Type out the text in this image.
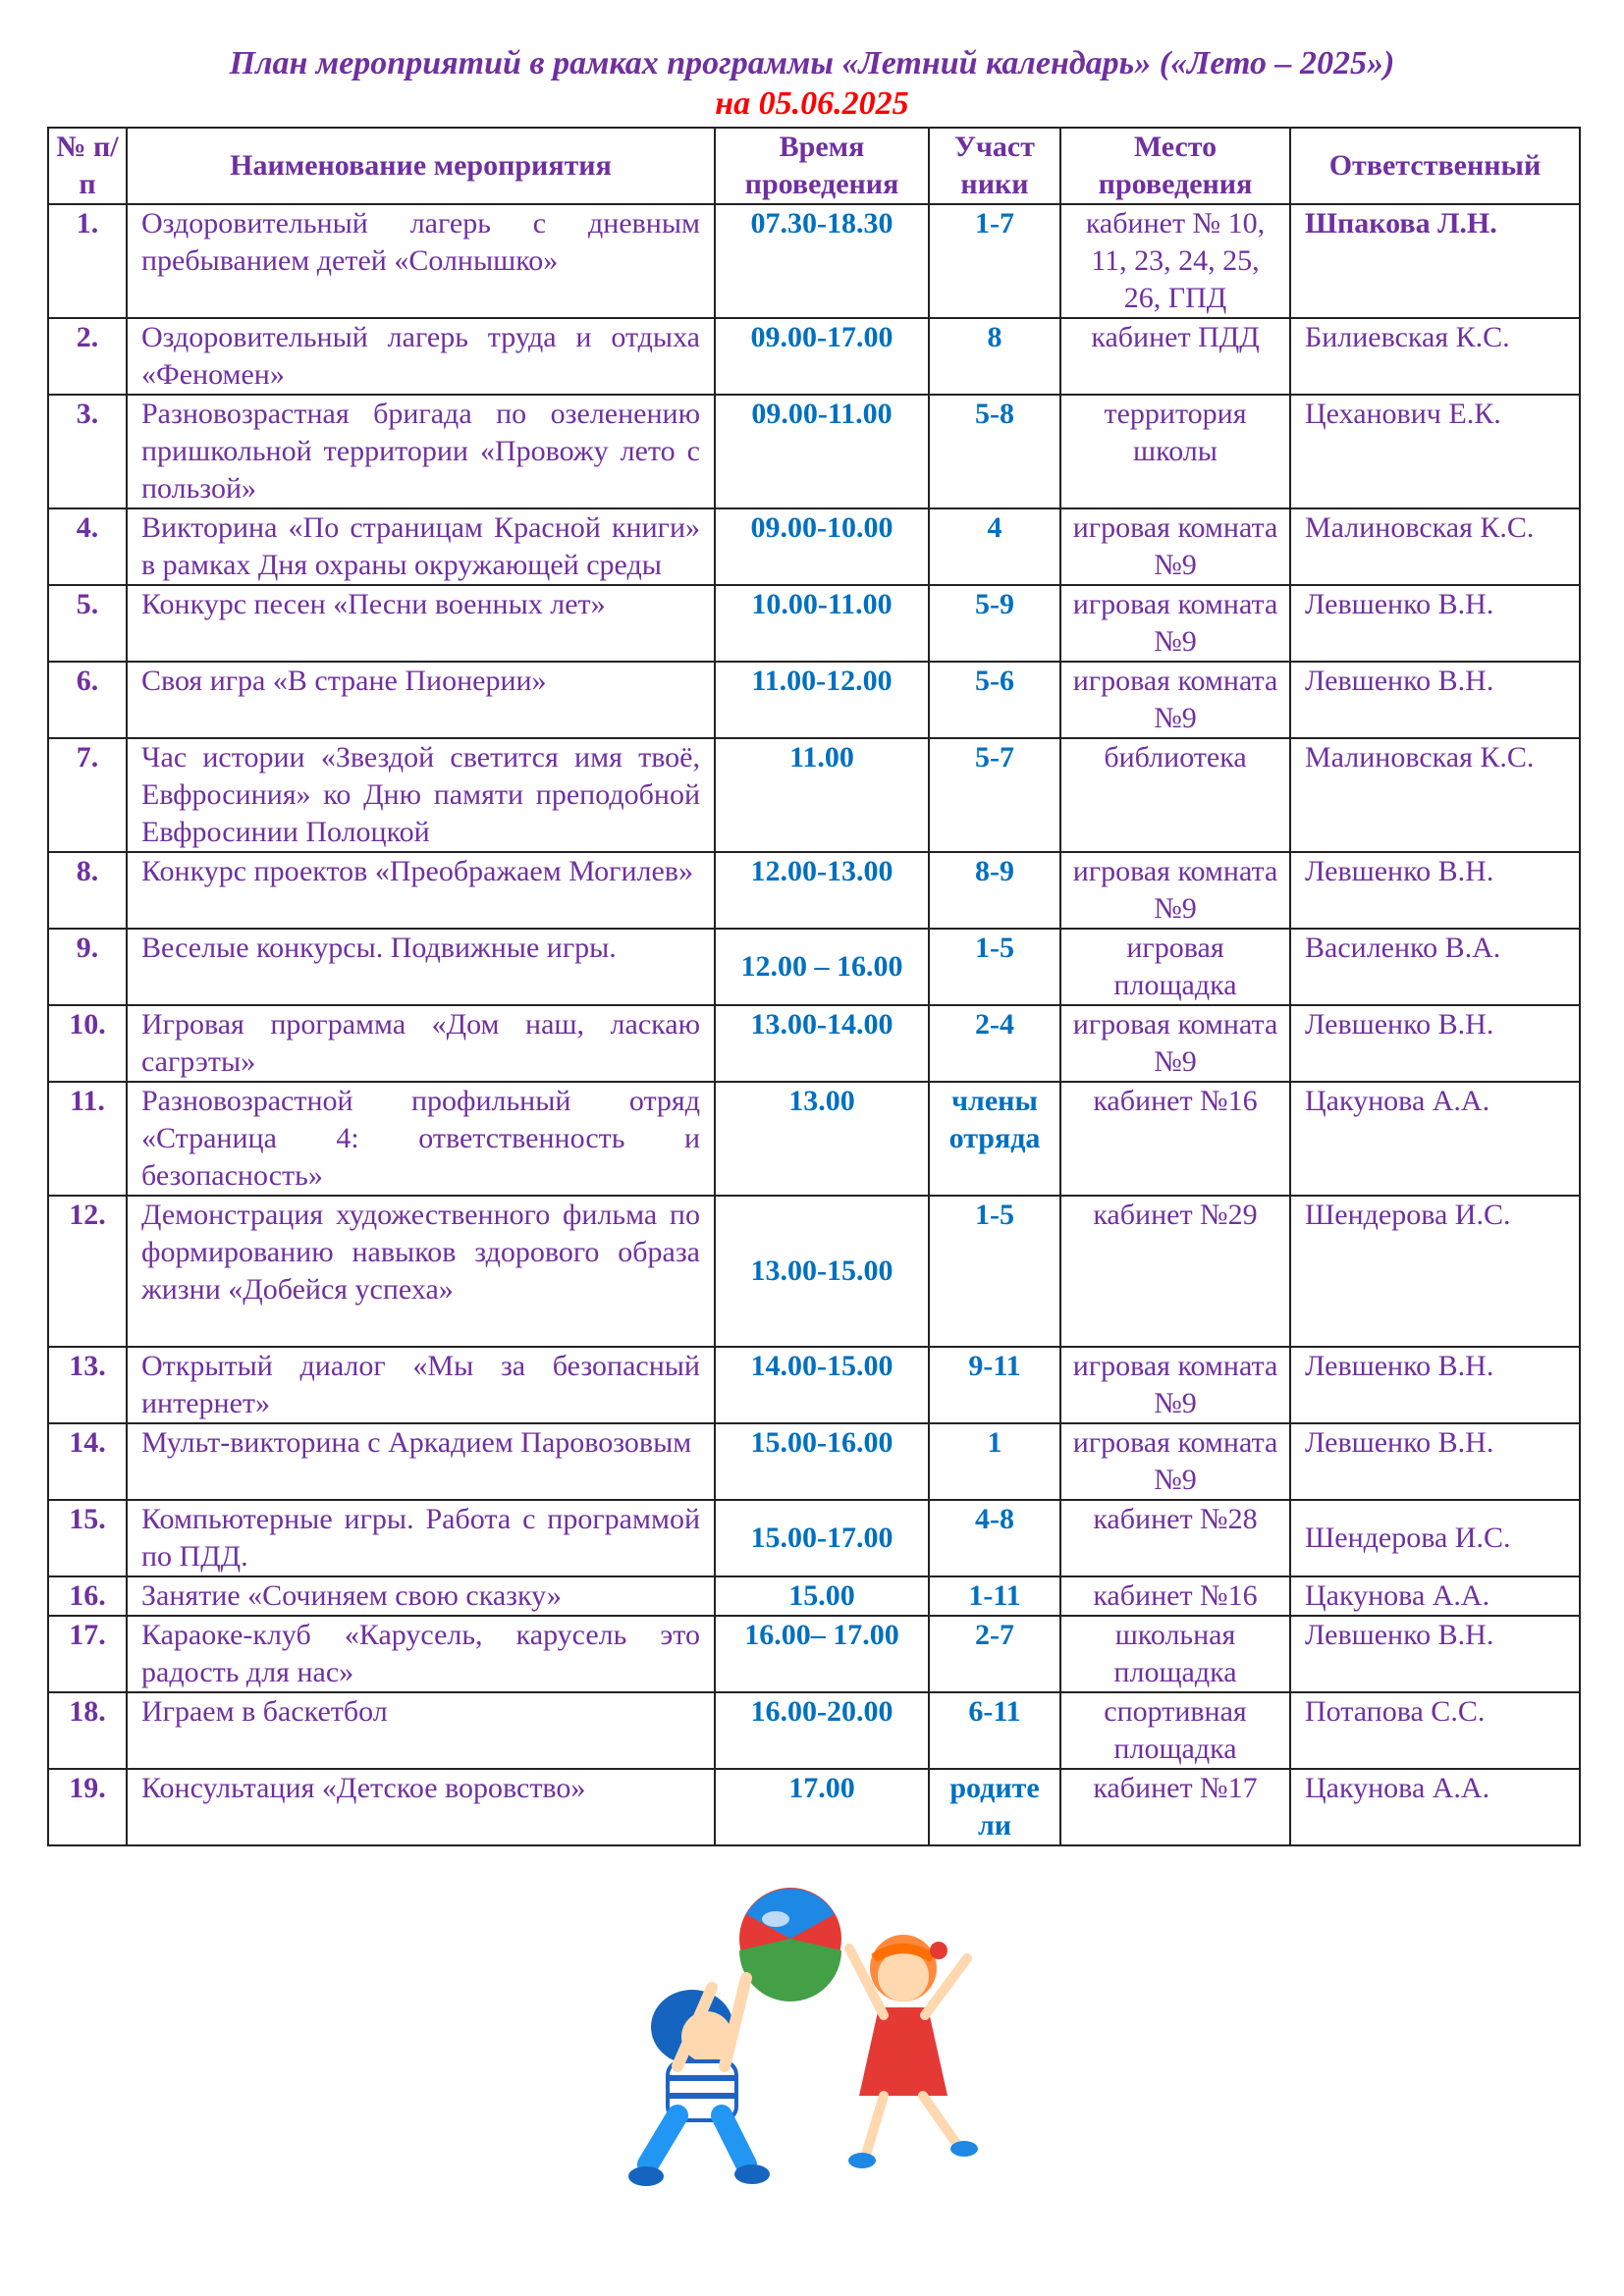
План мероприятий в рамках программы «Летний календарь» («Лето – 2025»)
на 05.06.2025
№ п/п	Наименование мероприятия	Время проведения	Участ ники	Место проведения	Ответственный
1.	Оздоровительный лагерь с дневным пребыванием детей «Солнышко»	07.30-18.30	1-7	кабинет № 10, 11, 23, 24, 25, 26, ГПД	Шпакова Л.Н.
2.	Оздоровительный лагерь труда и отдыха «Феномен»	09.00-17.00	8	кабинет ПДД	Билиевская К.С.
3.	Разновозрастная бригада по озеленению пришкольной территории «Провожу лето с пользой»	09.00-11.00	5-8	территория школы	Цеханович Е.К.
4.	Викторина «По страницам Красной книги» в рамках Дня охраны окружающей среды	09.00-10.00	4	игровая комната №9	Малиновская К.С.
5.	Конкурс песен «Песни военных лет»	10.00-11.00	5-9	игровая комната №9	Левшенко В.Н.
6.	Своя игра «В стране Пионерии»	11.00-12.00	5-6	игровая комната №9	Левшенко В.Н.
7.	Час истории «Звездой светится имя твоё, Евфросиния» ко Дню памяти преподобной Евфросинии Полоцкой	11.00	5-7	библиотека	Малиновская К.С.
8.	Конкурс проектов «Преображаем Могилев»	12.00-13.00	8-9	игровая комната №9	Левшенко В.Н.
9.	Веселые конкурсы. Подвижные игры.	12.00 – 16.00	1-5	игровая площадка	Василенко В.А.
10.	Игровая программа «Дом наш, ласкаю сагрэты»	13.00-14.00	2-4	игровая комната №9	Левшенко В.Н.
11.	Разновозрастной профильный отряд «Страница 4: ответственность и безопасность»	13.00	члены отряда	кабинет №16	Цакунова А.А.
12.	Демонстрация художественного фильма по формированию навыков здорового образа жизни «Добейся успеха»	13.00-15.00	1-5	кабинет №29	Шендерова И.С.
13.	Открытый диалог «Мы за безопасный интернет»	14.00-15.00	9-11	игровая комната №9	Левшенко В.Н.
14.	Мульт-викторина с Аркадием Паровозовым	15.00-16.00	1	игровая комната №9	Левшенко В.Н.
15.	Компьютерные игры. Работа с программой по ПДД.	15.00-17.00	4-8	кабинет №28	Шендерова И.С.
16.	Занятие «Сочиняем свою сказку»	15.00	1-11	кабинет №16	Цакунова А.А.
17.	Караоке-клуб «Карусель, карусель это радость для нас»	16.00– 17.00	2-7	школьная площадка	Левшенко В.Н.
18.	Играем в баскетбол	16.00-20.00	6-11	спортивная площадка	Потапова С.С.
19.	Консультация «Детское воровство»	17.00	родите ли	кабинет №17	Цакунова А.А.
